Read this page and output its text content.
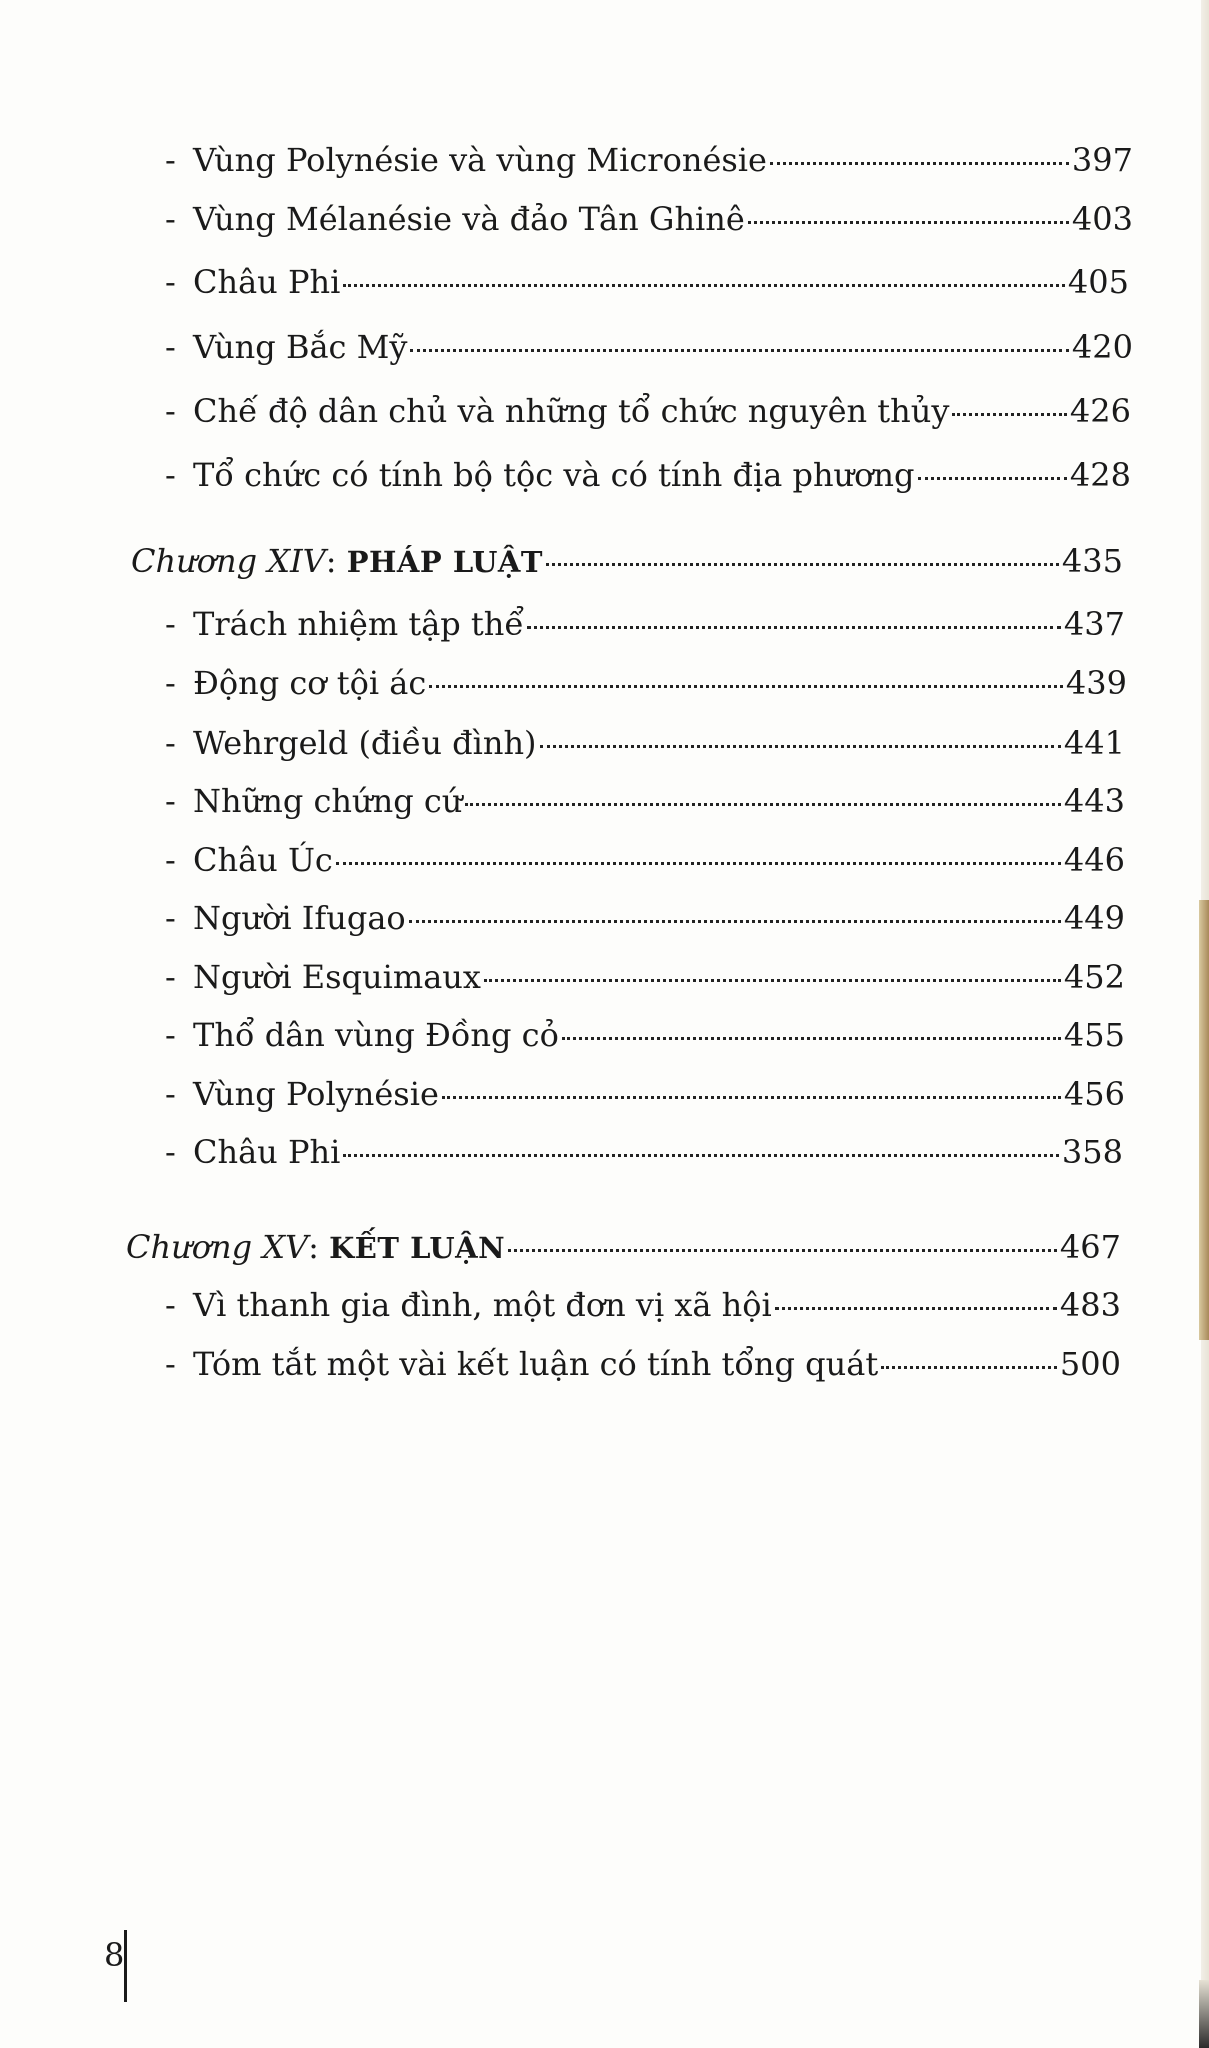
- Vùng Polynésie và vùng Micronésie	397
- Vùng Mélanésie và đảo Tân Ghinê	403
- Châu Phi	405
- Vùng Bắc Mỹ	420
- Chế độ dân chủ và những tổ chức nguyên thủy	426
- Tổ chức có tính bộ tộc và có tính địa phương	428
Chương XIV: PHÁP LUẬT	435
- Trách nhiệm tập thể	437
- Động cơ tội ác	439
- Wehrgeld (điều đình)	441
- Những chứng cứ	443
- Châu Úc	446
- Người Ifugao	449
- Người Esquimaux	452
- Thổ dân vùng Đồng cỏ	455
- Vùng Polynésie	456
- Châu Phi	358
Chương XV: KẾT LUẬN	467
- Vì thanh gia đình, một đơn vị xã hội	483
- Tóm tắt một vài kết luận có tính tổng quát	500
8
